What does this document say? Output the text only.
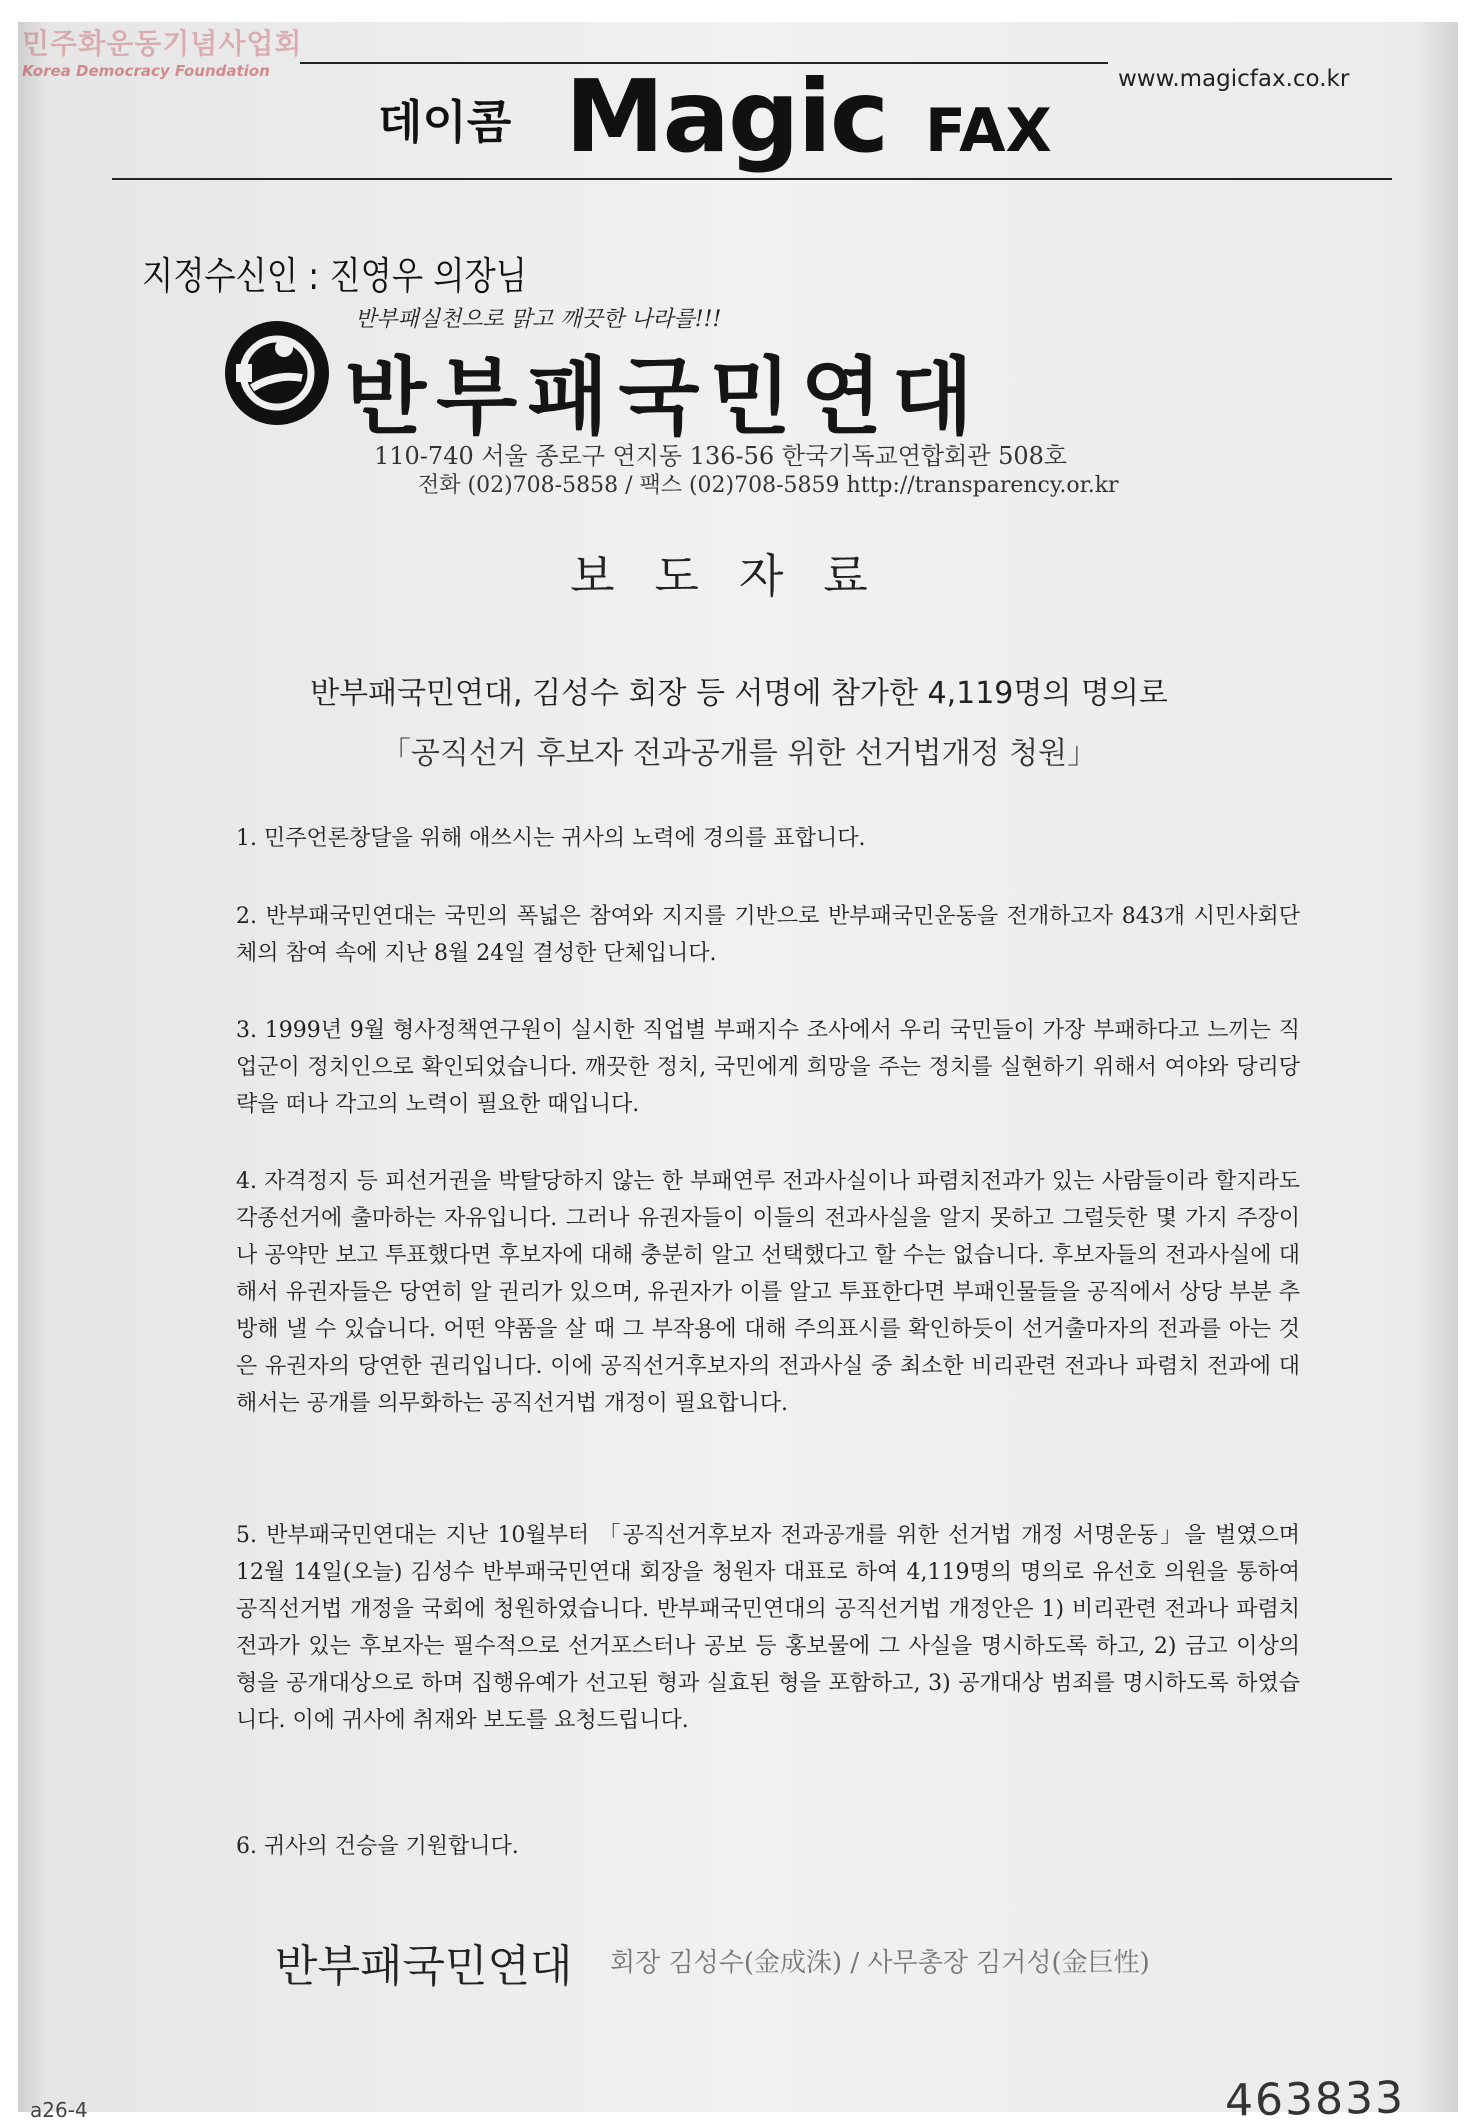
민주화운동기념사업회
Korea Democracy Foundation	www.magicfax.co.kr
데이콤 Magic FAX
지정수신인 : 진영우 의장님
반부패실천으로 맑고 깨끗한 나라를!!!
반부패국민연대
110-740 서울 종로구 연지동 136-56 한국기독교연합회관 508호
전화 (02)708-5858 / 팩스 (02)708-5859 http://transparency.or.kr
보도자료
반부패국민연대, 김성수 회장 등 서명에 참가한 4,119명의 명의로
「공직선거 후보자 전과공개를 위한 선거법개정 청원」
1. 민주언론창달을 위해 애쓰시는 귀사의 노력에 경의를 표합니다.
2. 반부패국민연대는 국민의 폭넓은 참여와 지지를 기반으로 반부패국민운동을 전개하고자 843개 시민사회단체의 참여 속에 지난 8월 24일 결성한 단체입니다.
3. 1999년 9월 형사정책연구원이 실시한 직업별 부패지수 조사에서 우리 국민들이 가장 부패하다고 느끼는 직업군이 정치인으로 확인되었습니다. 깨끗한 정치, 국민에게 희망을 주는 정치를 실현하기 위해서 여야와 당리당략을 떠나 각고의 노력이 필요한 때입니다.
4. 자격정지 등 피선거권을 박탈당하지 않는 한 부패연루 전과사실이나 파렴치전과가 있는 사람들이라 할지라도 각종선거에 출마하는 자유입니다. 그러나 유권자들이 이들의 전과사실을 알지 못하고 그럴듯한 몇 가지 주장이나 공약만 보고 투표했다면 후보자에 대해 충분히 알고 선택했다고 할 수는 없습니다. 후보자들의 전과사실에 대해서 유권자들은 당연히 알 권리가 있으며, 유권자가 이를 알고 투표한다면 부패인물들을 공직에서 상당 부분 추방해 낼 수 있습니다. 어떤 약품을 살 때 그 부작용에 대해 주의표시를 확인하듯이 선거출마자의 전과를 아는 것은 유권자의 당연한 권리입니다. 이에 공직선거후보자의 전과사실 중 최소한 비리관련 전과나 파렴치 전과에 대해서는 공개를 의무화하는 공직선거법 개정이 필요합니다.
5. 반부패국민연대는 지난 10월부터 「공직선거후보자 전과공개를 위한 선거법 개정 서명운동」을 벌였으며 12월 14일(오늘) 김성수 반부패국민연대 회장을 청원자 대표로 하여 4,119명의 명의로 유선호 의원을 통하여 공직선거법 개정을 국회에 청원하였습니다. 반부패국민연대의 공직선거법 개정안은 1) 비리관련 전과나 파렴치 전과가 있는 후보자는 필수적으로 선거포스터나 공보 등 홍보물에 그 사실을 명시하도록 하고, 2) 금고 이상의 형을 공개대상으로 하며 집행유예가 선고된 형과 실효된 형을 포함하고, 3) 공개대상 범죄를 명시하도록 하였습니다. 이에 귀사에 취재와 보도를 요청드립니다.
6. 귀사의 건승을 기원합니다.
반부패국민연대 회장 김성수(金成洙) / 사무총장 김거성(金巨性)
463833
a26-4
